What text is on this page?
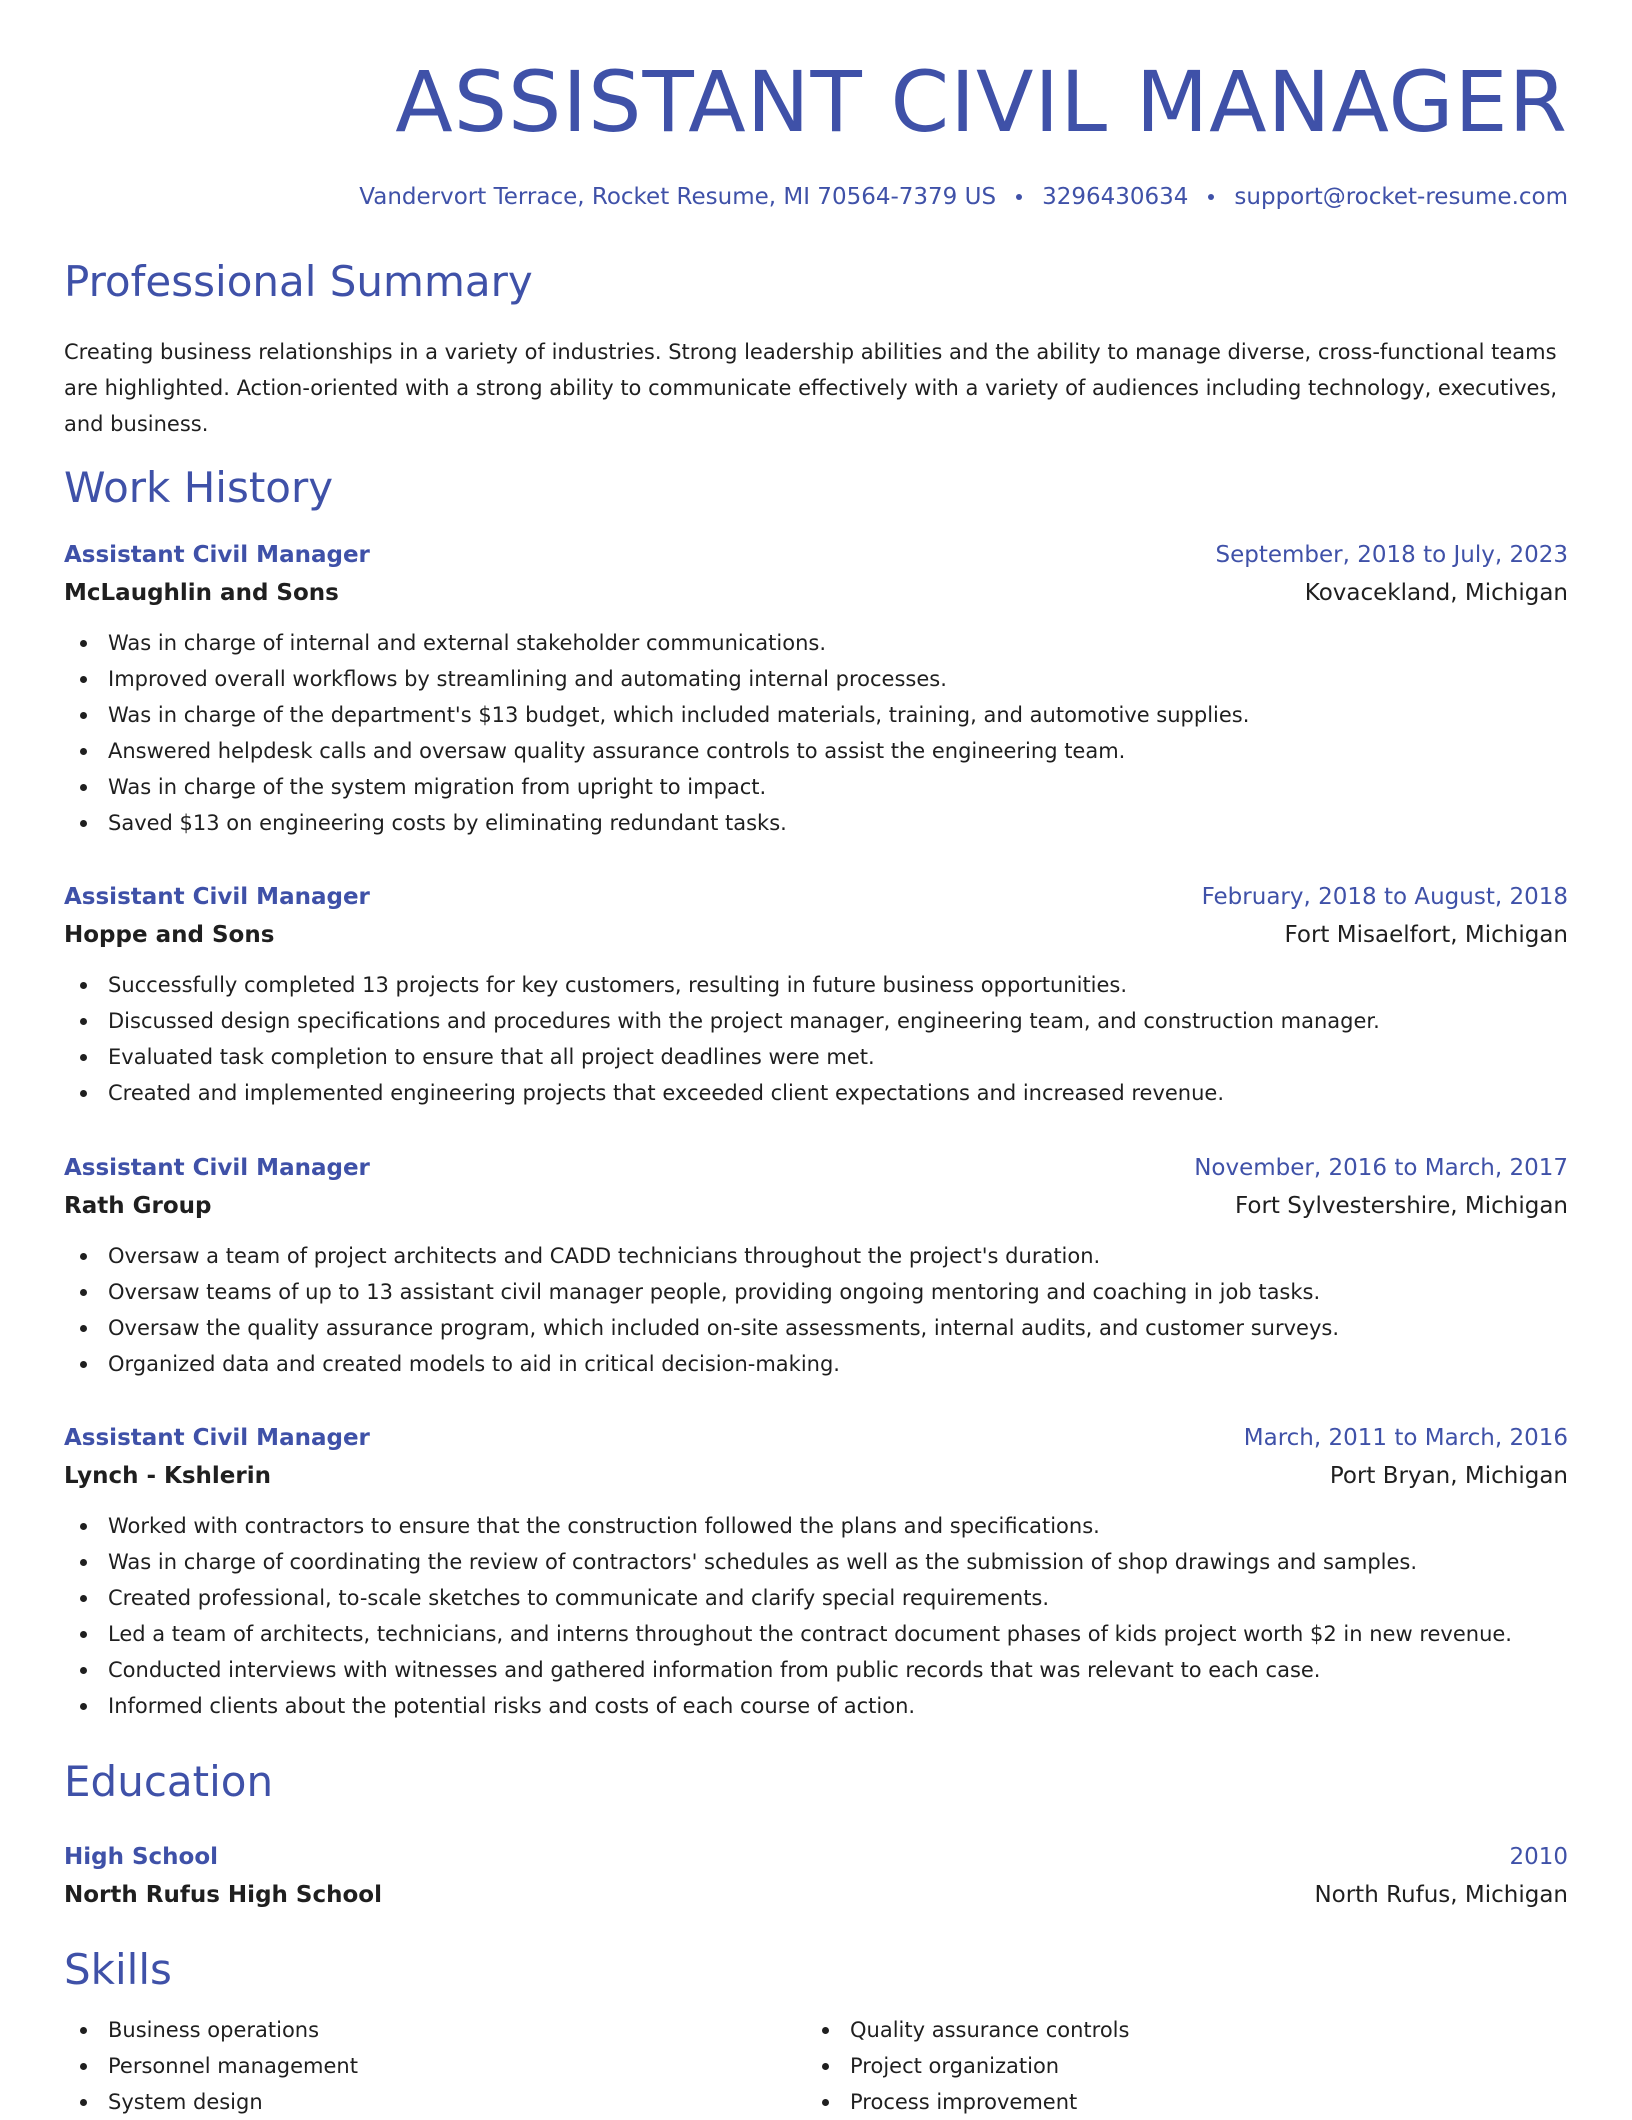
ASSISTANT CIVIL MANAGER
Vandervort Terrace, Rocket Resume, MI 70564-7379 US 3296430634 support@rocket-resume.com
Professional Summary

Creating business relationships in a variety of industries. Strong leadership abilities and the ability to manage diverse, cross-functional teams are highlighted. Action-oriented with a strong ability to communicate effectively with a variety of audiences including technology, executives, and business.

Work History
Assistant Civil Manager	September, 2018 to July, 2023
McLaughlin and Sons	Kovacekland, Michigan
Was in charge of internal and external stakeholder communications.
Improved overall workflows by streamlining and automating internal processes.
Was in charge of the department's $13 budget, which included materials, training, and automotive supplies.
Answered helpdesk calls and oversaw quality assurance controls to assist the engineering team.
Was in charge of the system migration from upright to impact.
Saved $13 on engineering costs by eliminating redundant tasks.
Assistant Civil Manager	February, 2018 to August, 2018
Hoppe and Sons	Fort Misaelfort, Michigan
Successfully completed 13 projects for key customers, resulting in future business opportunities.
Discussed design specifications and procedures with the project manager, engineering team, and construction manager.
Evaluated task completion to ensure that all project deadlines were met.
Created and implemented engineering projects that exceeded client expectations and increased revenue.
Assistant Civil Manager	November, 2016 to March, 2017
Rath Group	Fort Sylvestershire, Michigan
Oversaw a team of project architects and CADD technicians throughout the project's duration.
Oversaw teams of up to 13 assistant civil manager people, providing ongoing mentoring and coaching in job tasks.
Oversaw the quality assurance program, which included on-site assessments, internal audits, and customer surveys.
Organized data and created models to aid in critical decision-making.
Assistant Civil Manager	March, 2011 to March, 2016
Lynch - Kshlerin	Port Bryan, Michigan
Worked with contractors to ensure that the construction followed the plans and specifications.
Was in charge of coordinating the review of contractors' schedules as well as the submission of shop drawings and samples.
Created professional, to-scale sketches to communicate and clarify special requirements.
Led a team of architects, technicians, and interns throughout the contract document phases of kids project worth $2 in new revenue.
Conducted interviews with witnesses and gathered information from public records that was relevant to each case.
Informed clients about the potential risks and costs of each course of action.
Education
High School	2010
North Rufus High School	North Rufus, Michigan
Skills
Business operations
Personnel management
System design
Quality assurance controls
Project organization
Process improvement
